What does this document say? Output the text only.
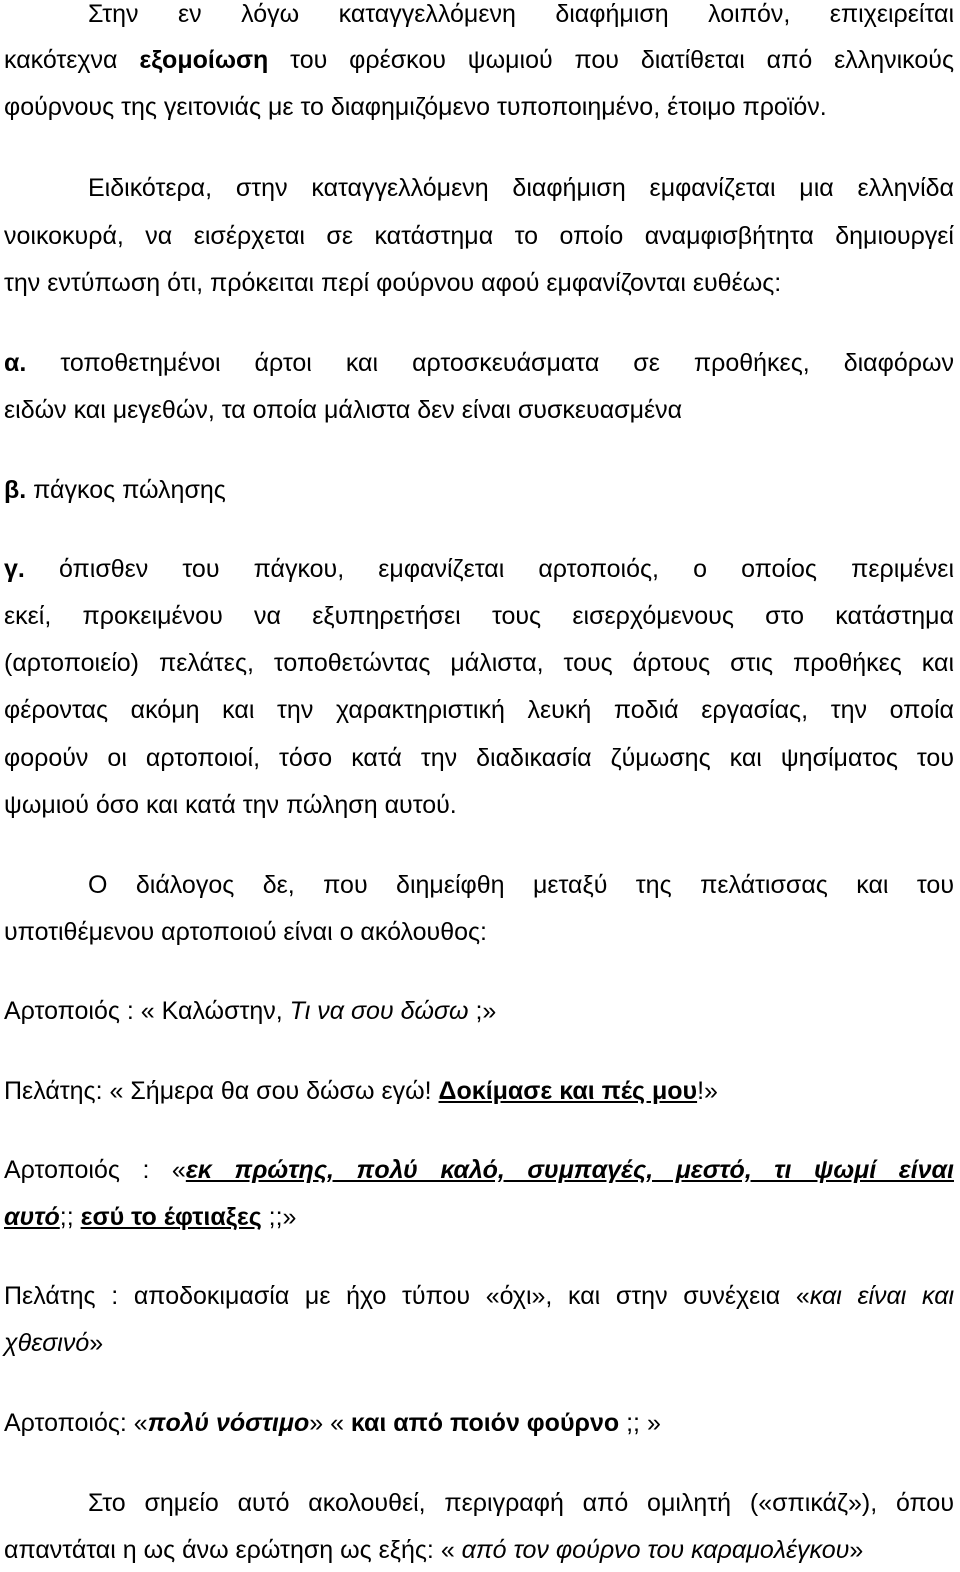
Στην εν λόγω καταγγελλόμενη διαφήμιση λοιπόν, επιχειρείται
κακότεχνα εξομοίωση του φρέσκου ψωμιού που διατίθεται από ελληνικούς
φούρνους της γειτονιάς με το διαφημιζόμενο τυποποιημένο, έτοιμο προϊόν.
Ειδικότερα, στην καταγγελλόμενη διαφήμιση εμφανίζεται μια ελληνίδα
νοικοκυρά, να εισέρχεται σε κατάστημα το οποίο αναμφισβήτητα δημιουργεί
την εντύπωση ότι, πρόκειται περί φούρνου αφού εμφανίζονται ευθέως:
α. τοποθετημένοι άρτοι και αρτοσκευάσματα σε προθήκες, διαφόρων
ειδών και μεγεθών, τα οποία μάλιστα δεν είναι συσκευασμένα
β. πάγκος πώλησης
γ. όπισθεν του πάγκου, εμφανίζεται αρτοποιός, ο οποίος περιμένει
εκεί, προκειμένου να εξυπηρετήσει τους εισερχόμενους στο κατάστημα
(αρτοποιείο) πελάτες, τοποθετώντας μάλιστα, τους άρτους στις προθήκες και
φέροντας ακόμη και την χαρακτηριστική λευκή ποδιά εργασίας, την οποία
φορούν οι αρτοποιοί, τόσο κατά την διαδικασία ζύμωσης και ψησίματος του
ψωμιού όσο και κατά την πώληση αυτού.
Ο διάλογος δε, που διημείφθη μεταξύ της πελάτισσας και του
υποτιθέμενου αρτοποιού είναι ο ακόλουθος:
Αρτοποιός : « Καλώστην, Τι να σου δώσω ;»
Πελάτης: « Σήμερα θα σου δώσω εγώ! Δοκίμασε και πές μου!»
Αρτοποιός : «εκ πρώτης, πολύ καλό, συμπαγές, μεστό, τι ψωμί είναι
αυτό;; εσύ το έφτιαξες ;;»
Πελάτης : αποδοκιμασία με ήχο τύπου «όχι», και στην συνέχεια «και είναι και
χθεσινό»
Αρτοποιός: «πολύ νόστιμο» « και από ποιόν φούρνο ;; »
Στο σημείο αυτό ακολουθεί, περιγραφή από ομιλητή («σπικάζ»), όπου
απαντάται η ως άνω ερώτηση ως εξής: « από τον φούρνο του καραμολέγκου»
